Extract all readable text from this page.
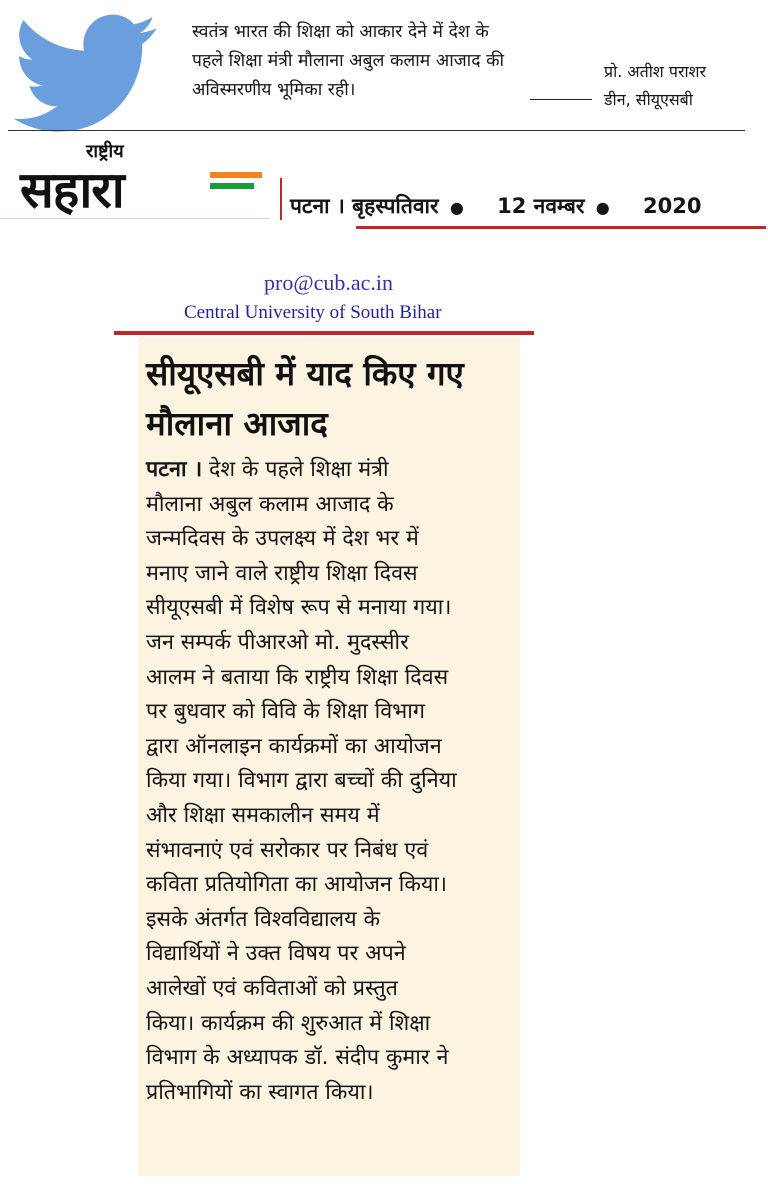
स्वतंत्र भारत की शिक्षा को आकार देने में देश के
पहले शिक्षा मंत्री मौलाना अबुल कलाम आजाद की
अविस्मरणीय भूमिका रही।
प्रो. अतीश पराशर
डीन, सीयूएसबी
राष्ट्रीय
सहारा	पटना । बृहस्पतिवार ● 12 नवम्बर ● 2020
pro@cub.ac.in
Central University of South Bihar
सीयूएसबी में याद किए गए
मौलाना आजाद
पटना । देश के पहले शिक्षा मंत्री
मौलाना अबुल कलाम आजाद के
जन्मदिवस के उपलक्ष्य में देश भर में
मनाए जाने वाले राष्ट्रीय शिक्षा दिवस
सीयूएसबी में विशेष रूप से मनाया गया।
जन सम्पर्क पीआरओ मो. मुदस्सीर
आलम ने बताया कि राष्ट्रीय शिक्षा दिवस
पर बुधवार को विवि के शिक्षा विभाग
द्वारा ऑनलाइन कार्यक्रमों का आयोजन
किया गया। विभाग द्वारा बच्चों की दुनिया
और शिक्षा समकालीन समय में
संभावनाएं एवं सरोकार पर निबंध एवं
कविता प्रतियोगिता का आयोजन किया।
इसके अंतर्गत विश्वविद्यालय के
विद्यार्थियों ने उक्त विषय पर अपने
आलेखों एवं कविताओं को प्रस्तुत
किया। कार्यक्रम की शुरुआत में शिक्षा
विभाग के अध्यापक डॉ. संदीप कुमार ने
प्रतिभागियों का स्वागत किया।
